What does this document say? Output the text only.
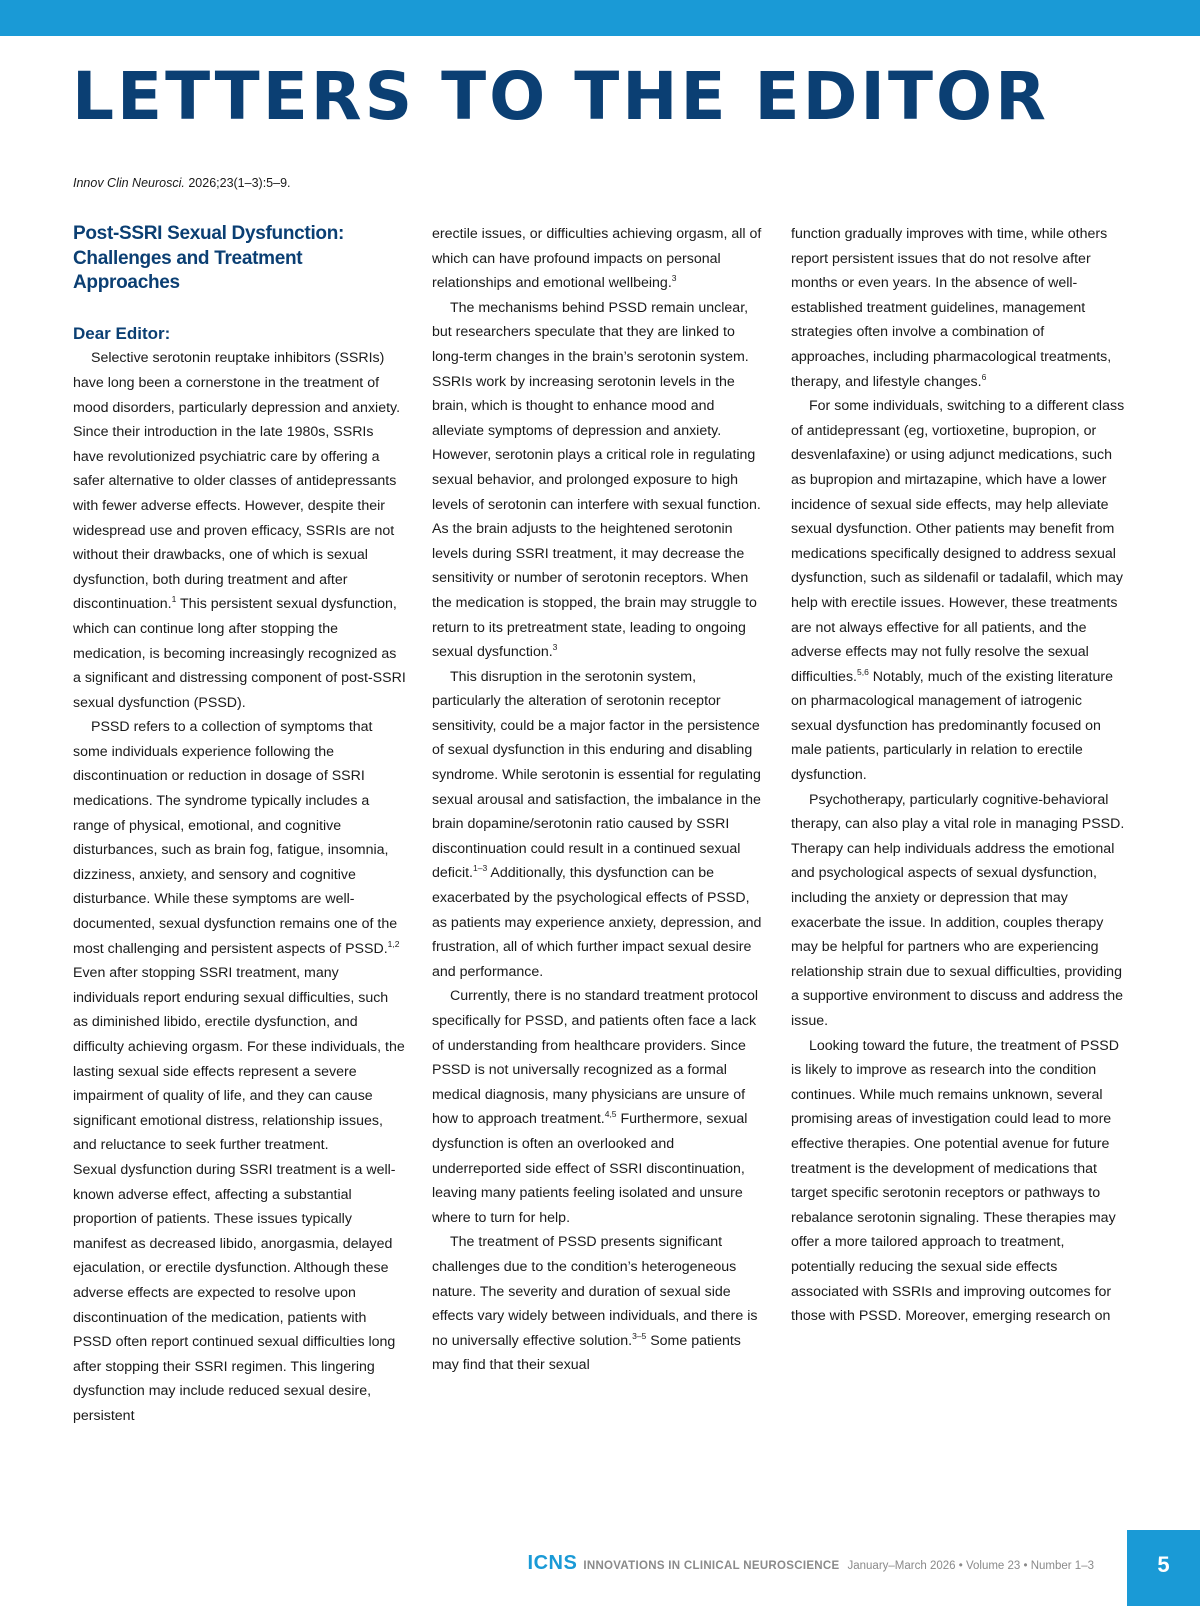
LETTERS TO THE EDITOR
Innov Clin Neurosci. 2026;23(1–3):5–9.
Post-SSRI Sexual Dysfunction:
Challenges and Treatment Approaches
Dear Editor:

Selective serotonin reuptake inhibitors (SSRIs) have long been a cornerstone in the treatment of mood disorders, particularly depression and anxiety. Since their introduction in the late 1980s, SSRIs have revolutionized psychiatric care by offering a safer alternative to older classes of antidepressants with fewer adverse effects. However, despite their widespread use and proven efficacy, SSRIs are not without their drawbacks, one of which is sexual dysfunction, both during treatment and after discontinuation.$^1$ This persistent sexual dysfunction, which can continue long after stopping the medication, is becoming increasingly recognized as a significant and distressing component of post-SSRI sexual dysfunction (PSSD).

PSSD refers to a collection of symptoms that some individuals experience following the discontinuation or reduction in dosage of SSRI medications. The syndrome typically includes a range of physical, emotional, and cognitive disturbances, such as brain fog, fatigue, insomnia, dizziness, anxiety, and sensory and cognitive disturbance. While these symptoms are well-documented, sexual dysfunction remains one of the most challenging and persistent aspects of PSSD.$^{1,2}$ Even after stopping SSRI treatment, many individuals report enduring sexual difficulties, such as diminished libido, erectile dysfunction, and difficulty achieving orgasm. For these individuals, the lasting sexual side effects represent a severe impairment of quality of life, and they can cause significant emotional distress, relationship issues, and reluctance to seek further treatment.

Sexual dysfunction during SSRI treatment is a well-known adverse effect, affecting a substantial proportion of patients. These issues typically manifest as decreased libido, anorgasmia, delayed ejaculation, or erectile dysfunction. Although these adverse effects are expected to resolve upon discontinuation of the medication, patients with PSSD often report continued sexual difficulties long after stopping their SSRI regimen. This lingering dysfunction may include reduced sexual desire, persistent

erectile issues, or difficulties achieving orgasm, all of which can have profound impacts on personal relationships and emotional wellbeing.$^3$

The mechanisms behind PSSD remain unclear, but researchers speculate that they are linked to long-term changes in the brain’s serotonin system. SSRIs work by increasing serotonin levels in the brain, which is thought to enhance mood and alleviate symptoms of depression and anxiety. However, serotonin plays a critical role in regulating sexual behavior, and prolonged exposure to high levels of serotonin can interfere with sexual function. As the brain adjusts to the heightened serotonin levels during SSRI treatment, it may decrease the sensitivity or number of serotonin receptors. When the medication is stopped, the brain may struggle to return to its pretreatment state, leading to ongoing sexual dysfunction.$^3$

This disruption in the serotonin system, particularly the alteration of serotonin receptor sensitivity, could be a major factor in the persistence of sexual dysfunction in this enduring and disabling syndrome. While serotonin is essential for regulating sexual arousal and satisfaction, the imbalance in the brain dopamine/serotonin ratio caused by SSRI discontinuation could result in a continued sexual deficit.$^{1-3}$ Additionally, this dysfunction can be exacerbated by the psychological effects of PSSD, as patients may experience anxiety, depression, and frustration, all of which further impact sexual desire and performance.

Currently, there is no standard treatment protocol specifically for PSSD, and patients often face a lack of understanding from healthcare providers. Since PSSD is not universally recognized as a formal medical diagnosis, many physicians are unsure of how to approach treatment.$^{4,5}$ Furthermore, sexual dysfunction is often an overlooked and underreported side effect of SSRI discontinuation, leaving many patients feeling isolated and unsure where to turn for help.

The treatment of PSSD presents significant challenges due to the condition’s heterogeneous nature. The severity and duration of sexual side effects vary widely between individuals, and there is no universally effective solution.$^{3-5}$ Some patients may find that their sexual

function gradually improves with time, while others report persistent issues that do not resolve after months or even years. In the absence of well-established treatment guidelines, management strategies often involve a combination of approaches, including pharmacological treatments, therapy, and lifestyle changes.$^6$

For some individuals, switching to a different class of antidepressant (eg, vortioxetine, bupropion, or desvenlafaxine) or using adjunct medications, such as bupropion and mirtazapine, which have a lower incidence of sexual side effects, may help alleviate sexual dysfunction. Other patients may benefit from medications specifically designed to address sexual dysfunction, such as sildenafil or tadalafil, which may help with erectile issues. However, these treatments are not always effective for all patients, and the adverse effects may not fully resolve the sexual difficulties.$^{5,6}$ Notably, much of the existing literature on pharmacological management of iatrogenic sexual dysfunction has predominantly focused on male patients, particularly in relation to erectile dysfunction.

Psychotherapy, particularly cognitive-behavioral therapy, can also play a vital role in managing PSSD. Therapy can help individuals address the emotional and psychological aspects of sexual dysfunction, including the anxiety or depression that may exacerbate the issue. In addition, couples therapy may be helpful for partners who are experiencing relationship strain due to sexual difficulties, providing a supportive environment to discuss and address the issue.

Looking toward the future, the treatment of PSSD is likely to improve as research into the condition continues. While much remains unknown, several promising areas of investigation could lead to more effective therapies. One potential avenue for future treatment is the development of medications that target specific serotonin receptors or pathways to rebalance serotonin signaling. These therapies may offer a more tailored approach to treatment, potentially reducing the sexual side effects associated with SSRIs and improving outcomes for those with PSSD. Moreover, emerging research on

ICNS INNOVATIONS IN CLINICAL NEUROSCIENCE January–March 2026 • Volume 23 • Number 1–3	5
